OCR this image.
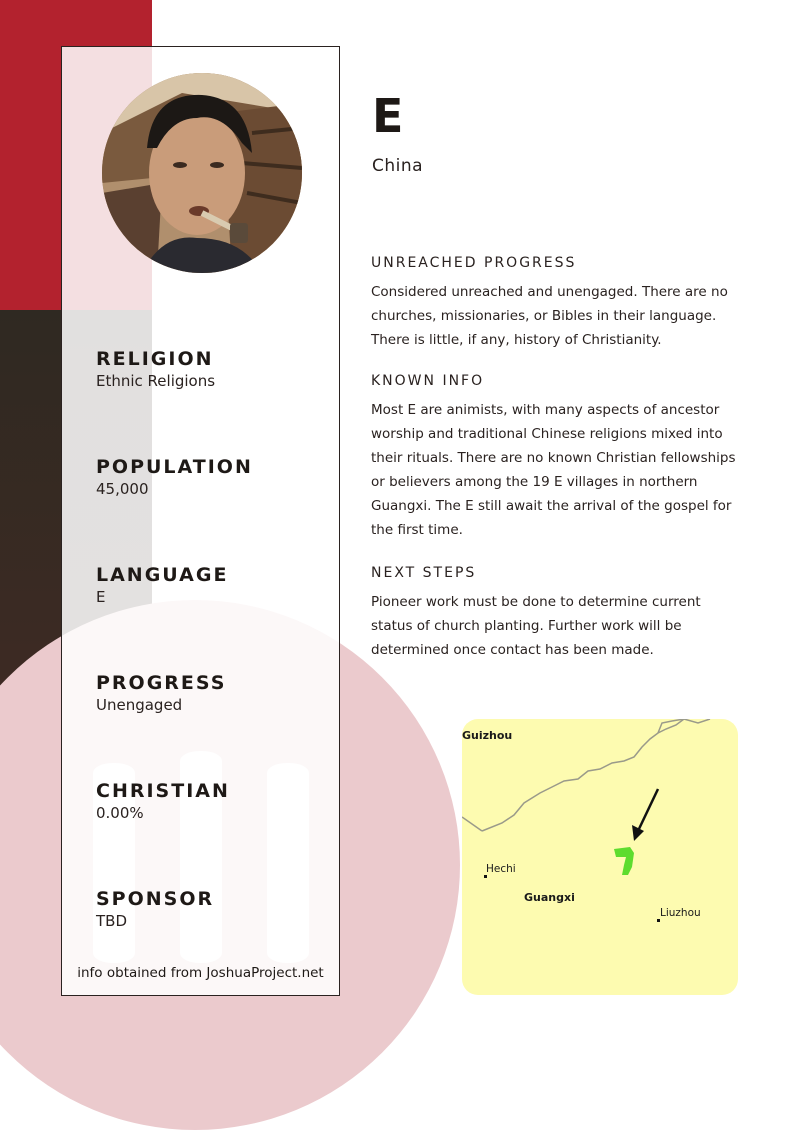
RELIGION

Ethnic Religions

POPULATION

45,000

LANGUAGE

E

PROGRESS

Unengaged

CHRISTIAN

0.00%

SPONSOR

TBD

info obtained from JoshuaProject.net
E

China

UNREACHED PROGRESS

Considered unreached and unengaged. There are no churches, missionaries, or Bibles in their language. There is little, if any, history of Christianity.

KNOWN INFO

Most E are animists, with many aspects of ancestor worship and traditional Chinese religions mixed into their rituals. There are no known Christian fellowships or believers among the 19 E villages in northern Guangxi. The E still await the arrival of the gospel for the first time.

NEXT STEPS

Pioneer work must be done to determine current status of church planting. Further work will be determined once contact has been made.

Guizhou
Hechi
Guangxi
Liuzhou
